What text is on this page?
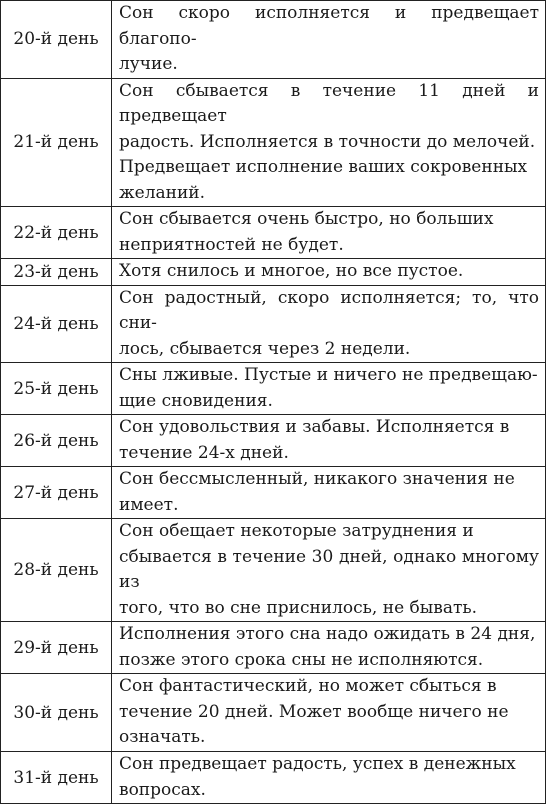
20-й день	Сон скоро исполняется и предвещает благопо-
лучие.

21-й день	Сон сбывается в течение 11 дней и предвещает
радость. Исполняется в точности до мелочей.
Предвещает исполнение ваших сокровенных
желаний.

22-й день	Сон сбывается очень быстро, но больших
неприятностей не будет.

23-й день	Хотя снилось и многое, но все пустое.

24-й день	Сон радостный, скоро исполняется; то, что сни-
лось, сбывается через 2 недели.

25-й день	Сны лживые. Пустые и ничего не предвещаю-
щие сновидения.

26-й день	Сон удовольствия и забавы. Исполняется в
течение 24-х дней.

27-й день	Сон бессмысленный, никакого значения не
имеет.

28-й день	Сон обещает некоторые затруднения и
сбывается в течение 30 дней, однако многому из
того, что во сне приснилось, не бывать.

29-й день	Исполнения этого сна надо ожидать в 24 дня,
позже этого срока сны не исполняются.

30-й день	Сон фантастический, но может сбыться в
течение 20 дней. Может вообще ничего не
означать.

31-й день	Сон предвещает радость, успех в денежных
вопросах.
